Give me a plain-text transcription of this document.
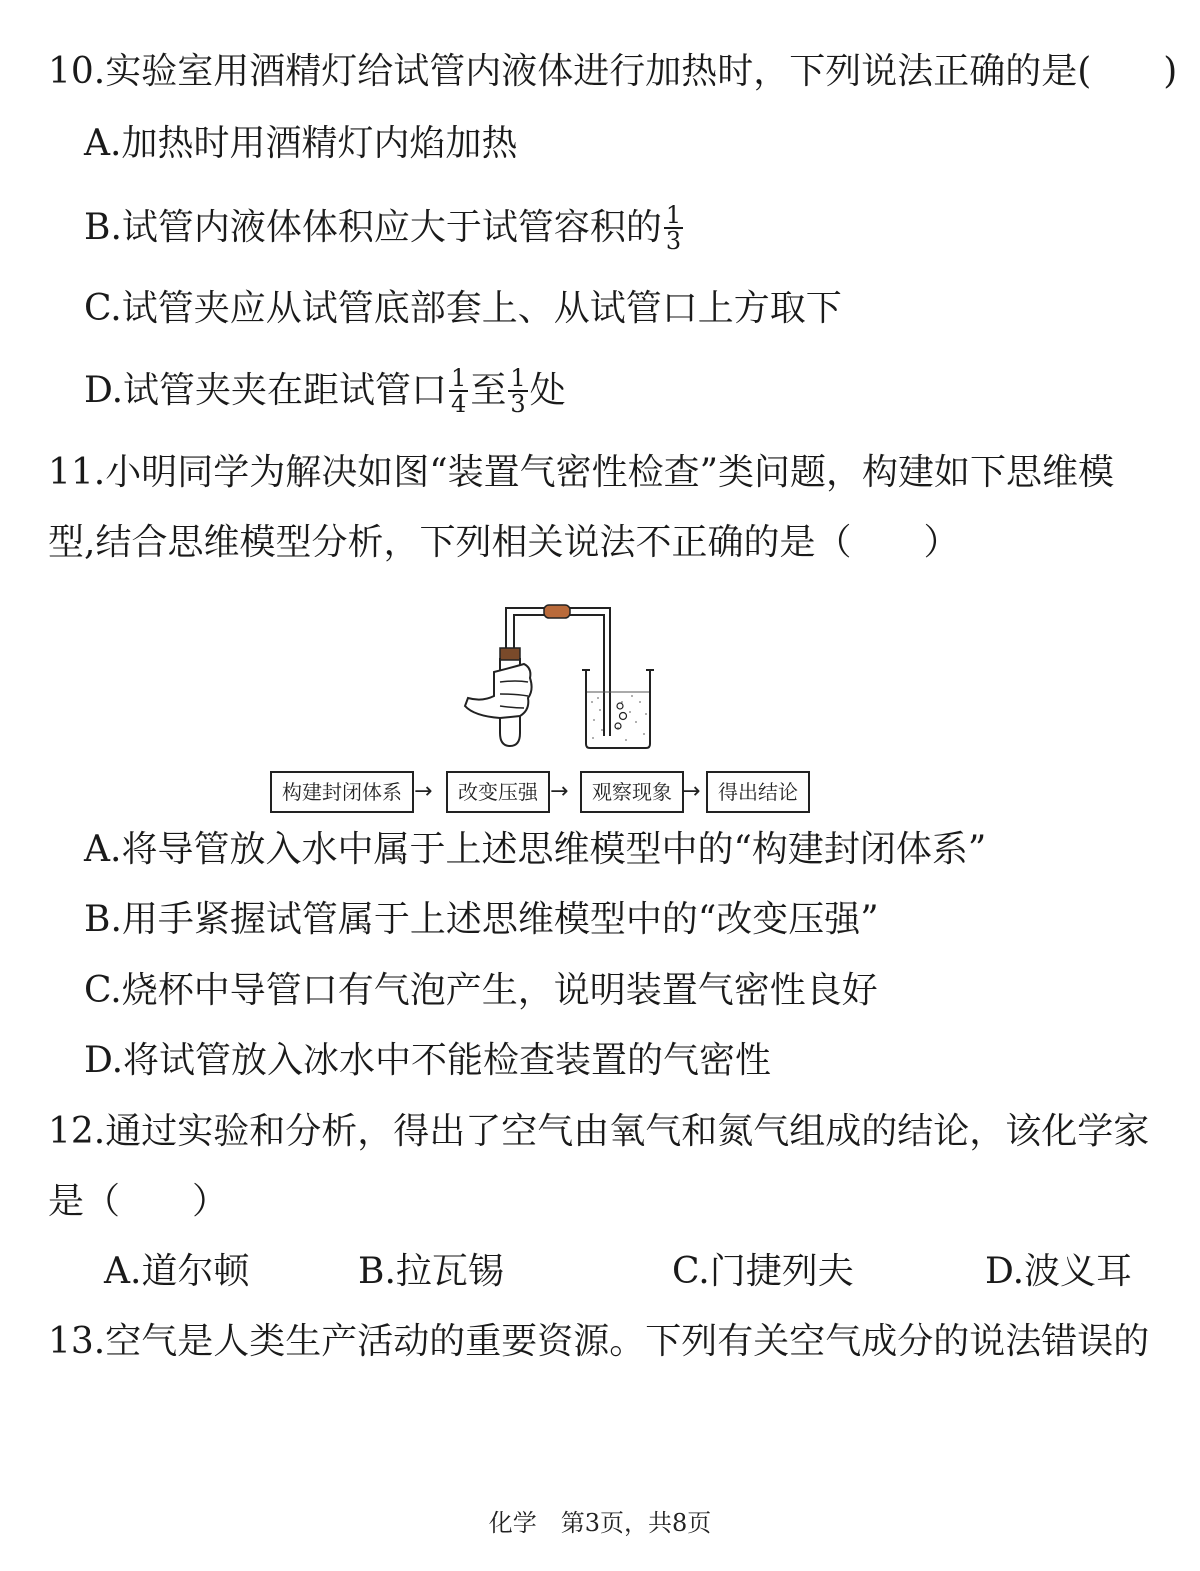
10.实验室用酒精灯给试管内液体进行加热时，下列说法正确的是(　　)
A.加热时用酒精灯内焰加热
B.试管内液体体积应大于试管容积的 $\frac{1}{3}$
C.试管夹应从试管底部套上、从试管口上方取下
D.试管夹夹在距试管口 $\frac{1}{4}$ 至 $\frac{1}{3}$ 处
11.小明同学为解决如图“装置气密性检查”类问题，构建如下思维模
型,结合思维模型分析，下列相关说法不正确的是（　　）
构建封闭体系 →	改变压强 →	观察现象 → 得出结论
A.将导管放入水中属于上述思维模型中的“构建封闭体系”
B.用手紧握试管属于上述思维模型中的“改变压强”
C.烧杯中导管口有气泡产生，说明装置气密性良好
D.将试管放入冰水中不能检查装置的气密性
12.通过实验和分析，得出了空气由氧气和氮气组成的结论，该化学家
是（　　）
A.道尔顿	B.拉瓦锡	C.门捷列夫	D.波义耳
13.空气是人类生产活动的重要资源。下列有关空气成分的说法错误的
化学　第3页，共8页
